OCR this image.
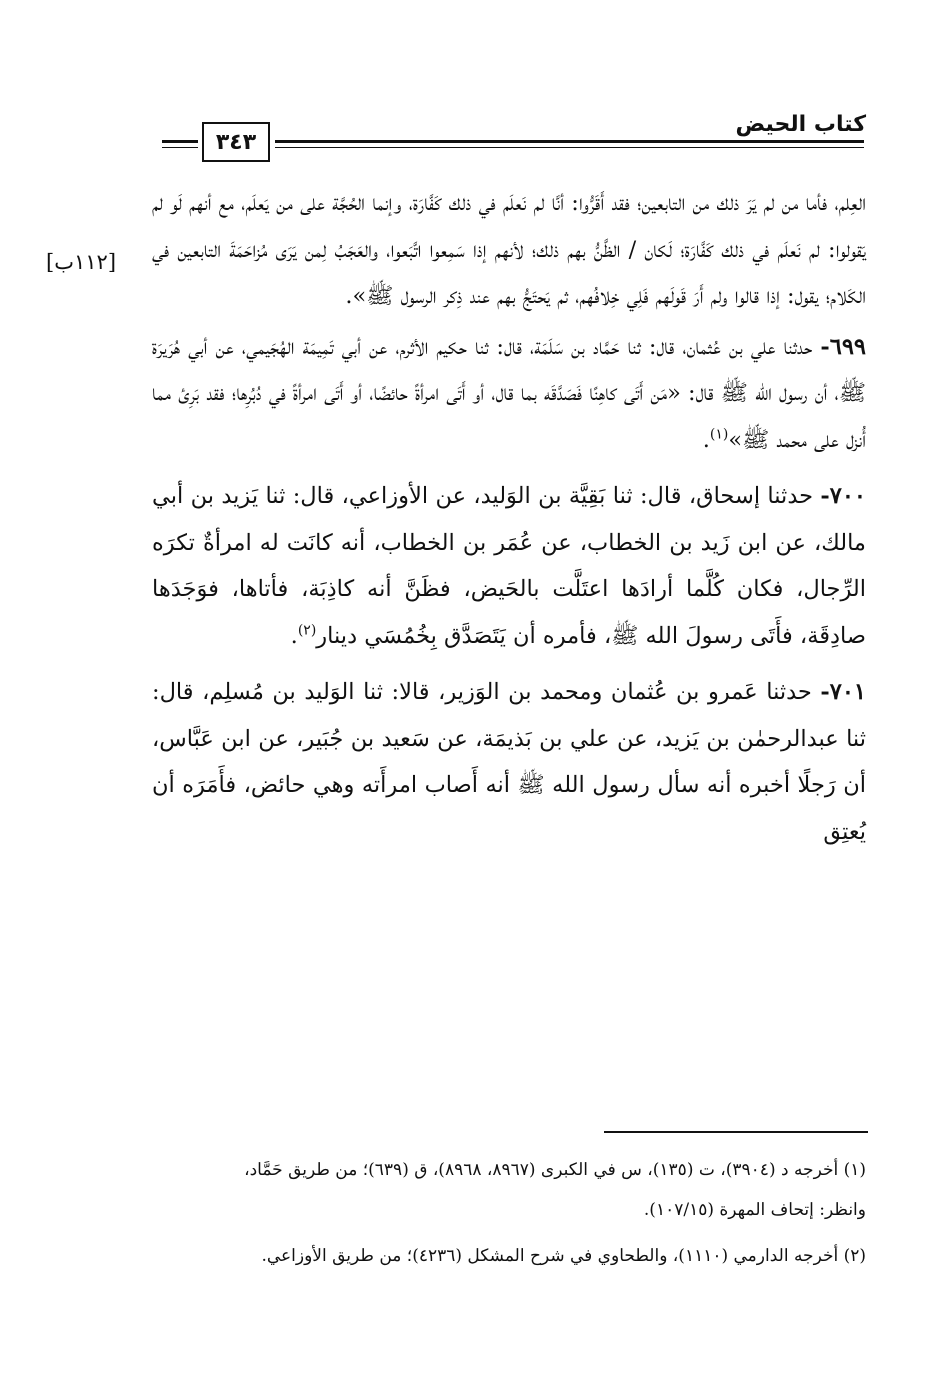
كتاب الحيض
٣٤٣
[١١٢ب]

العِلم، فأما من لم يَرَ ذلك من التابعين؛ فقد أَقَرُّوا: أنَّا لم نَعلَم في ذلك كَفَّارَة، وإنما الحُجَّة على من يَعلَم، مع أنهم لَو لم يَقولوا: لم نَعلَم في ذلك كَفَّارَة؛ لَكان / الظَّنُّ بهم ذلك؛ لأنهم إذا سَمِعوا اتَّبَعوا، والعَجَبُ لِمن يَرَى مُزاحَمَةَ التابعين في الكَلام؛ يقول: إذا قالوا ولم أَرَ قَولَهم فَلِي خِلافُهم، ثم يَحتَجُّ بهم عند ذِكر الرسول ﷺ».

٦٩٩- حدثنا علي بن عُثمان، قال: ثنا حَمَّاد بن سَلَمَة، قال: ثنا حكيم الأثرم، عن أبي تَمِيمَة الهُجَيمي، عن أبي هُرَيرَة ﷺ، أن رسول الله ﷺ قال: «مَن أَتَى كاهِنًا فَصَدَّقَه بما قال، أو أَتَى امرأةً حائضًا، أو أَتَى امرأةً في دُبُرِها؛ فقد بَرِئ مما أُنزل على محمد ﷺ»$^{(١)}$.

٧٠٠- حدثنا إسحاق، قال: ثنا بَقِيَّة بن الوَليد، عن الأوزاعي، قال: ثنا يَزيد بن أبي مالك، عن ابن زَيد بن الخطاب، عن عُمَر بن الخطاب، أنه كانَت له امرأةٌ تكرَه الرِّجال، فكان كُلَّما أرادَها اعتَلَّت بالحَيض، فظَنَّ أنه كاذِبَة، فأتاها، فوَجَدَها صادِقَة، فأَتَى رسولَ الله ﷺ، فأمره أن يَتَصَدَّق بِخُمُسَي دينار$^{(٢)}$.

٧٠١- حدثنا عَمرو بن عُثمان ومحمد بن الوَزير، قالا: ثنا الوَليد بن مُسلِم، قال: ثنا عبدالرحمٰن بن يَزيد، عن علي بن بَذيمَة، عن سَعيد بن جُبَير، عن ابن عَبَّاس، أن رَجلًا أخبره أنه سأل رسول الله ﷺ أنه أَصاب امرأَته وهي حائض، فأَمَرَه أن يُعتِق

(١) أخرجه د (٣٩٠٤)، ت (١٣٥)، س في الكبرى (٨٩٦٧، ٨٩٦٨)، ق (٦٣٩)؛ من طريق حَمَّاد،
وانظر: إتحاف المهرة (١٠٧/١٥).

(٢) أخرجه الدارمي (١١١٠)، والطحاوي في شرح المشكل (٤٢٣٦)؛ من طريق الأوزاعي.
